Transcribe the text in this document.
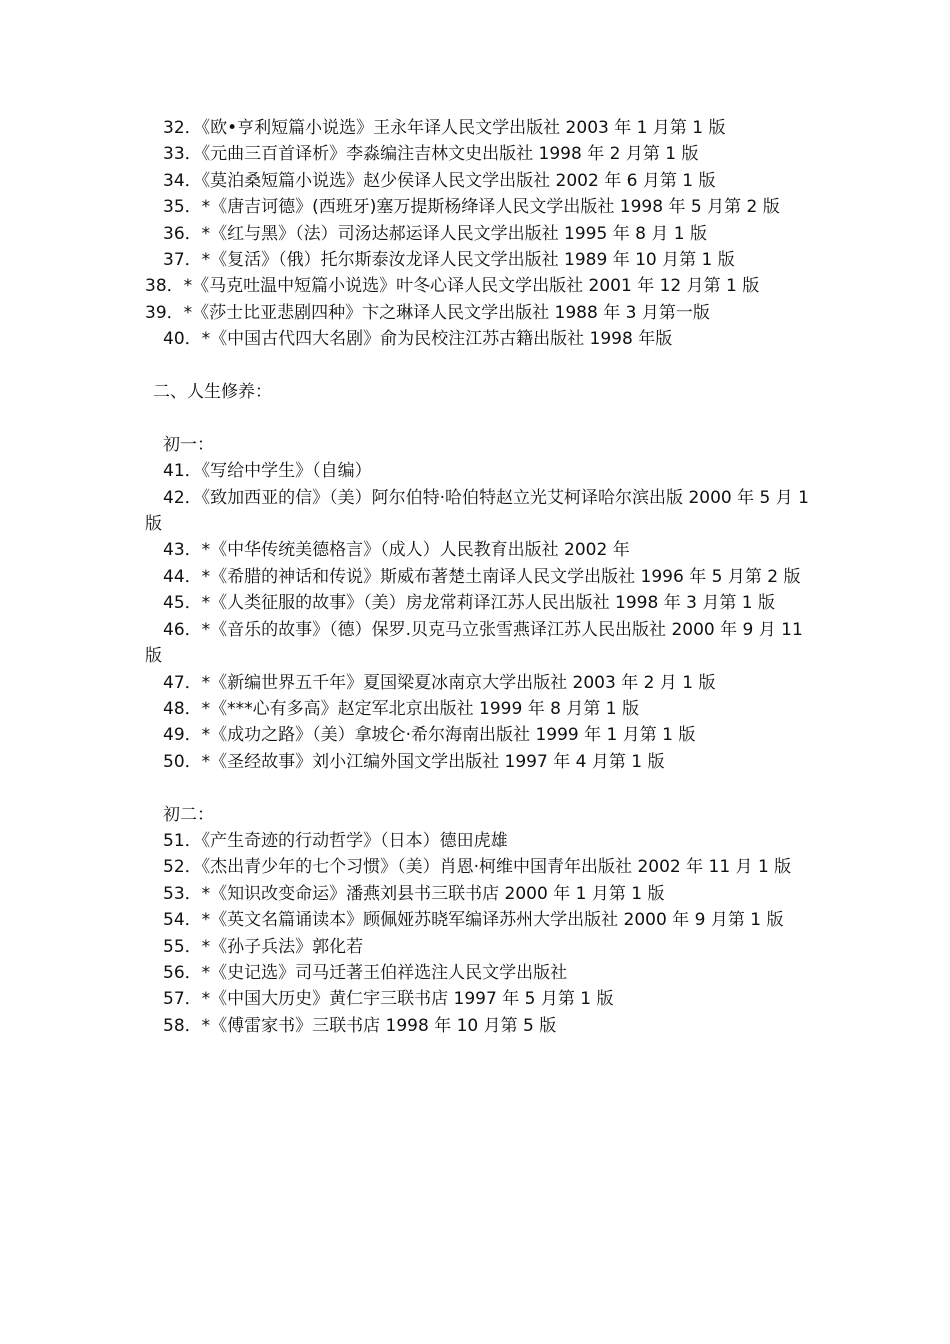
32．《欧•亨利短篇小说选》王永年译人民文学出版社 2003 年 1 月第 1 版
33．《元曲三百首译析》李淼编注吉林文史出版社 1998 年 2 月第 1 版
34．《莫泊桑短篇小说选》赵少侯译人民文学出版社 2002 年 6 月第 1 版
35．*《唐吉诃德》(西班牙)塞万提斯杨绛译人民文学出版社 1998 年 5 月第 2 版
36．*《红与黑》（法）司汤达郝运译人民文学出版社 1995 年 8 月 1 版
37．*《复活》（俄）托尔斯泰汝龙译人民文学出版社 1989 年 10 月第 1 版
38．*《马克吐温中短篇小说选》叶冬心译人民文学出版社 2001 年 12 月第 1 版
39．*《莎士比亚悲剧四种》卞之琳译人民文学出版社 1988 年 3 月第一版
40．*《中国古代四大名剧》俞为民校注江苏古籍出版社 1998 年版
二、人生修养：
初一：
41．《写给中学生》（自编）
42．《致加西亚的信》（美）阿尔伯特·哈伯特赵立光艾柯译哈尔滨出版 2000 年 5 月 1 版
43．*《中华传统美德格言》（成人）人民教育出版社 2002 年
44．*《希腊的神话和传说》斯威布著楚土南译人民文学出版社 1996 年 5 月第 2 版
45．*《人类征服的故事》（美）房龙常莉译江苏人民出版社 1998 年 3 月第 1 版
46．*《音乐的故事》（德）保罗.贝克马立张雪燕译江苏人民出版社 2000 年 9 月 11 版
47．*《新编世界五千年》夏国梁夏冰南京大学出版社 2003 年 2 月 1 版
48．*《***心有多高》赵定军北京出版社 1999 年 8 月第 1 版
49．*《成功之路》（美）拿坡仑·希尔海南出版社 1999 年 1 月第 1 版
50．*《圣经故事》刘小江编外国文学出版社 1997 年 4 月第 1 版
初二：
51．《产生奇迹的行动哲学》（日本）德田虎雄
52．《杰出青少年的七个习惯》（美）肖恩·柯维中国青年出版社 2002 年 11 月 1 版
53．*《知识改变命运》潘燕刘县书三联书店 2000 年 1 月第 1 版
54．*《英文名篇诵读本》顾佩娅苏晓军编译苏州大学出版社 2000 年 9 月第 1 版
55．*《孙子兵法》郭化若
56．*《史记选》司马迁著王伯祥选注人民文学出版社
57．*《中国大历史》黄仁宇三联书店 1997 年 5 月第 1 版
58．*《傅雷家书》三联书店 1998 年 10 月第 5 版
